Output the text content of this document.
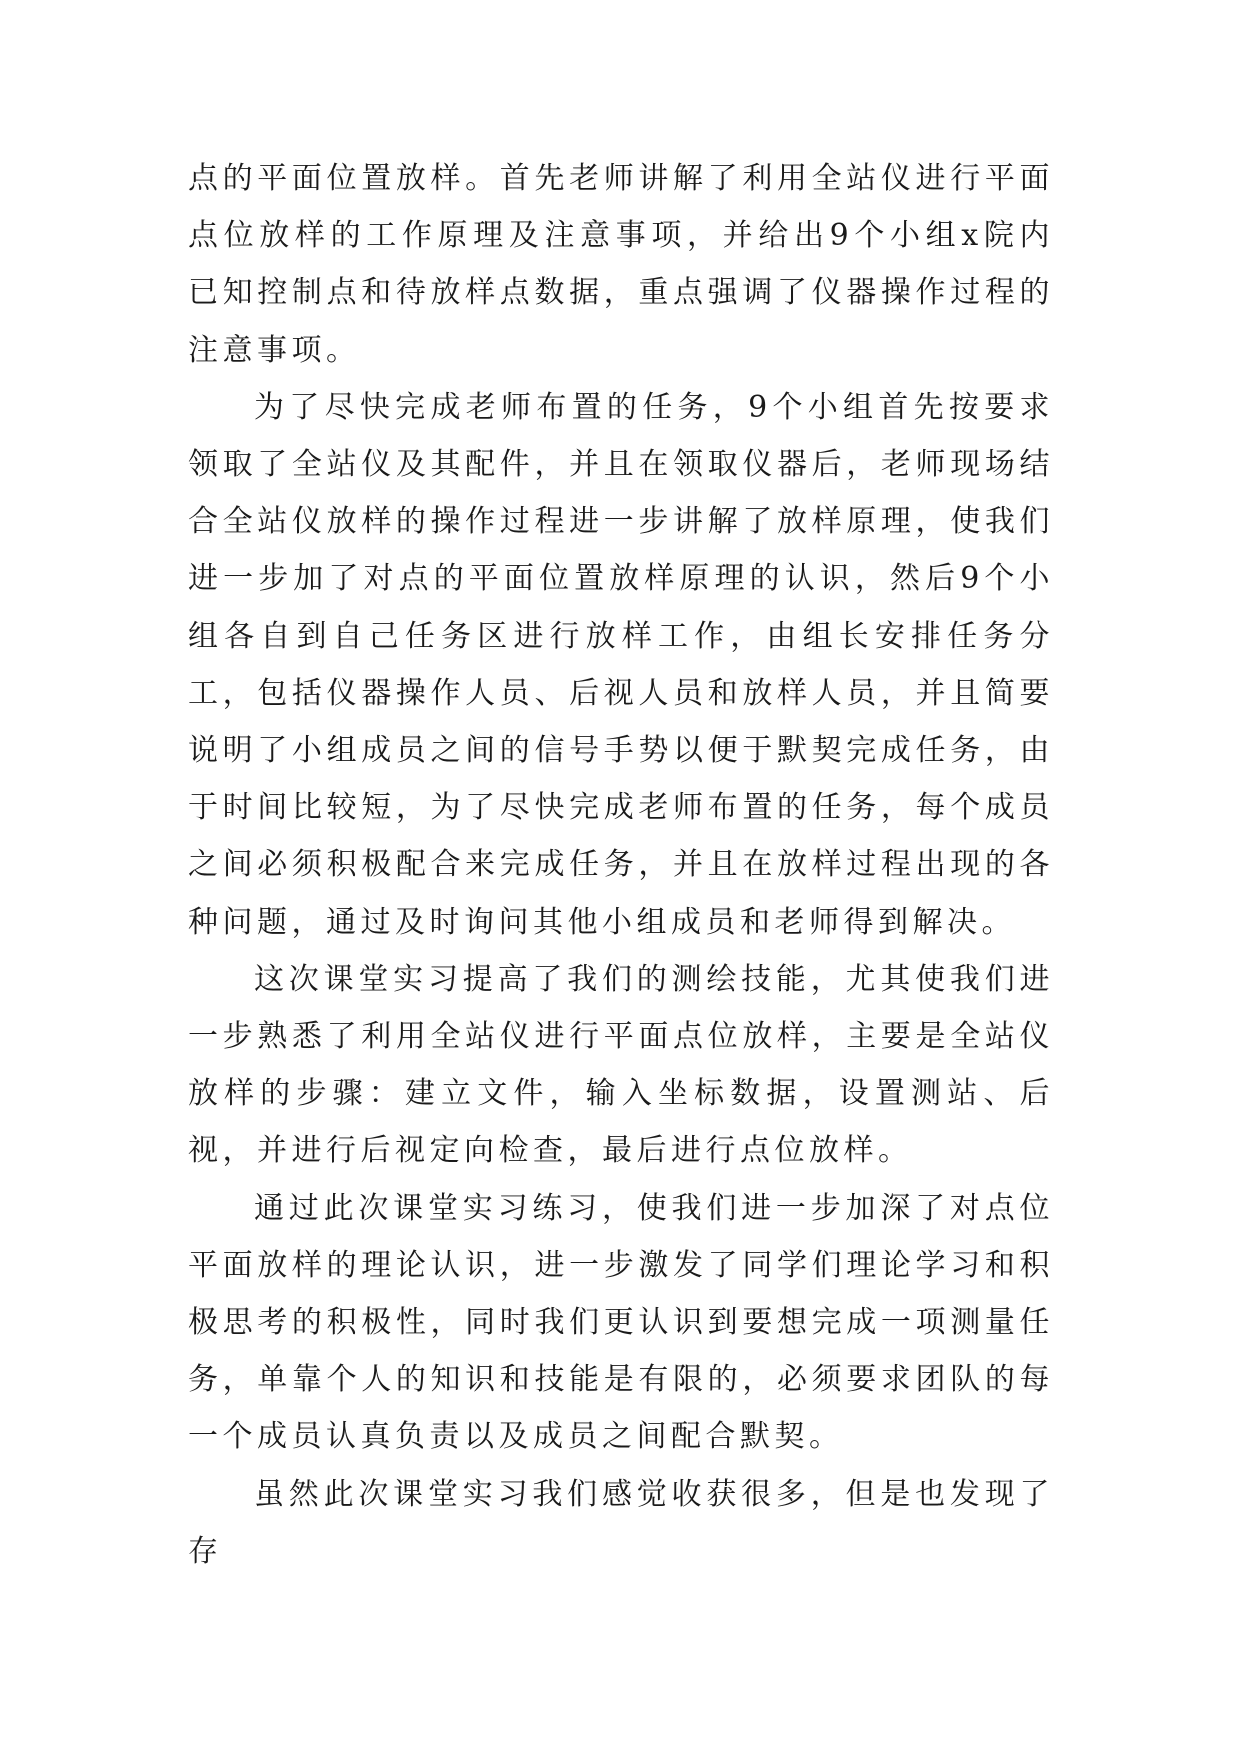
点的平面位置放样。首先老师讲解了利用全站仪进行平面点位放样的工作原理及注意事项，并给出9个小组x院内已知控制点和待放样点数据，重点强调了仪器操作过程的注意事项。

为了尽快完成老师布置的任务，9个小组首先按要求领取了全站仪及其配件，并且在领取仪器后，老师现场结合全站仪放样的操作过程进一步讲解了放样原理，使我们进一步加了对点的平面位置放样原理的认识，然后9个小组各自到自己任务区进行放样工作，由组长安排任务分工，包括仪器操作人员、后视人员和放样人员，并且简要说明了小组成员之间的信号手势以便于默契完成任务，由于时间比较短，为了尽快完成老师布置的任务，每个成员之间必须积极配合来完成任务，并且在放样过程出现的各种问题，通过及时询问其他小组成员和老师得到解决。

这次课堂实习提高了我们的测绘技能，尤其使我们进一步熟悉了利用全站仪进行平面点位放样，主要是全站仪放样的步骤：建立文件，输入坐标数据，设置测站、后视，并进行后视定向检查，最后进行点位放样。

通过此次课堂实习练习，使我们进一步加深了对点位平面放样的理论认识，进一步激发了同学们理论学习和积极思考的积极性，同时我们更认识到要想完成一项测量任务，单靠个人的知识和技能是有限的，必须要求团队的每一个成员认真负责以及成员之间配合默契。

虽然此次课堂实习我们感觉收获很多，但是也发现了存
